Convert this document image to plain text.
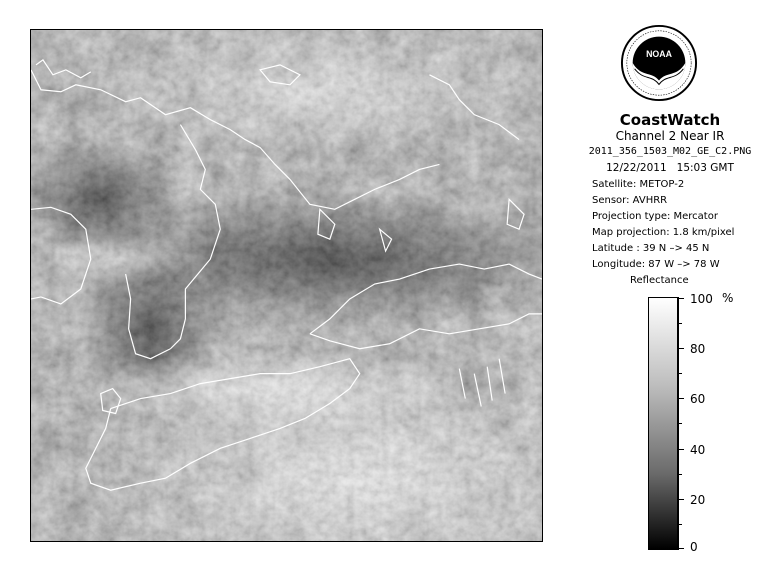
NOAA
CoastWatch
Channel 2 Near IR
2011_356_1503_M02_GE_C2.PNG
12/22/2011   15:03 GMT
Satellite: METOP-2
Sensor: AVHRR
Projection type: Mercator
Map projection: 1.8 km/pixel
Latitude : 39 N –> 45 N
Longitude: 87 W –> 78 W
Reflectance
%
100
80
60
40
20
0
